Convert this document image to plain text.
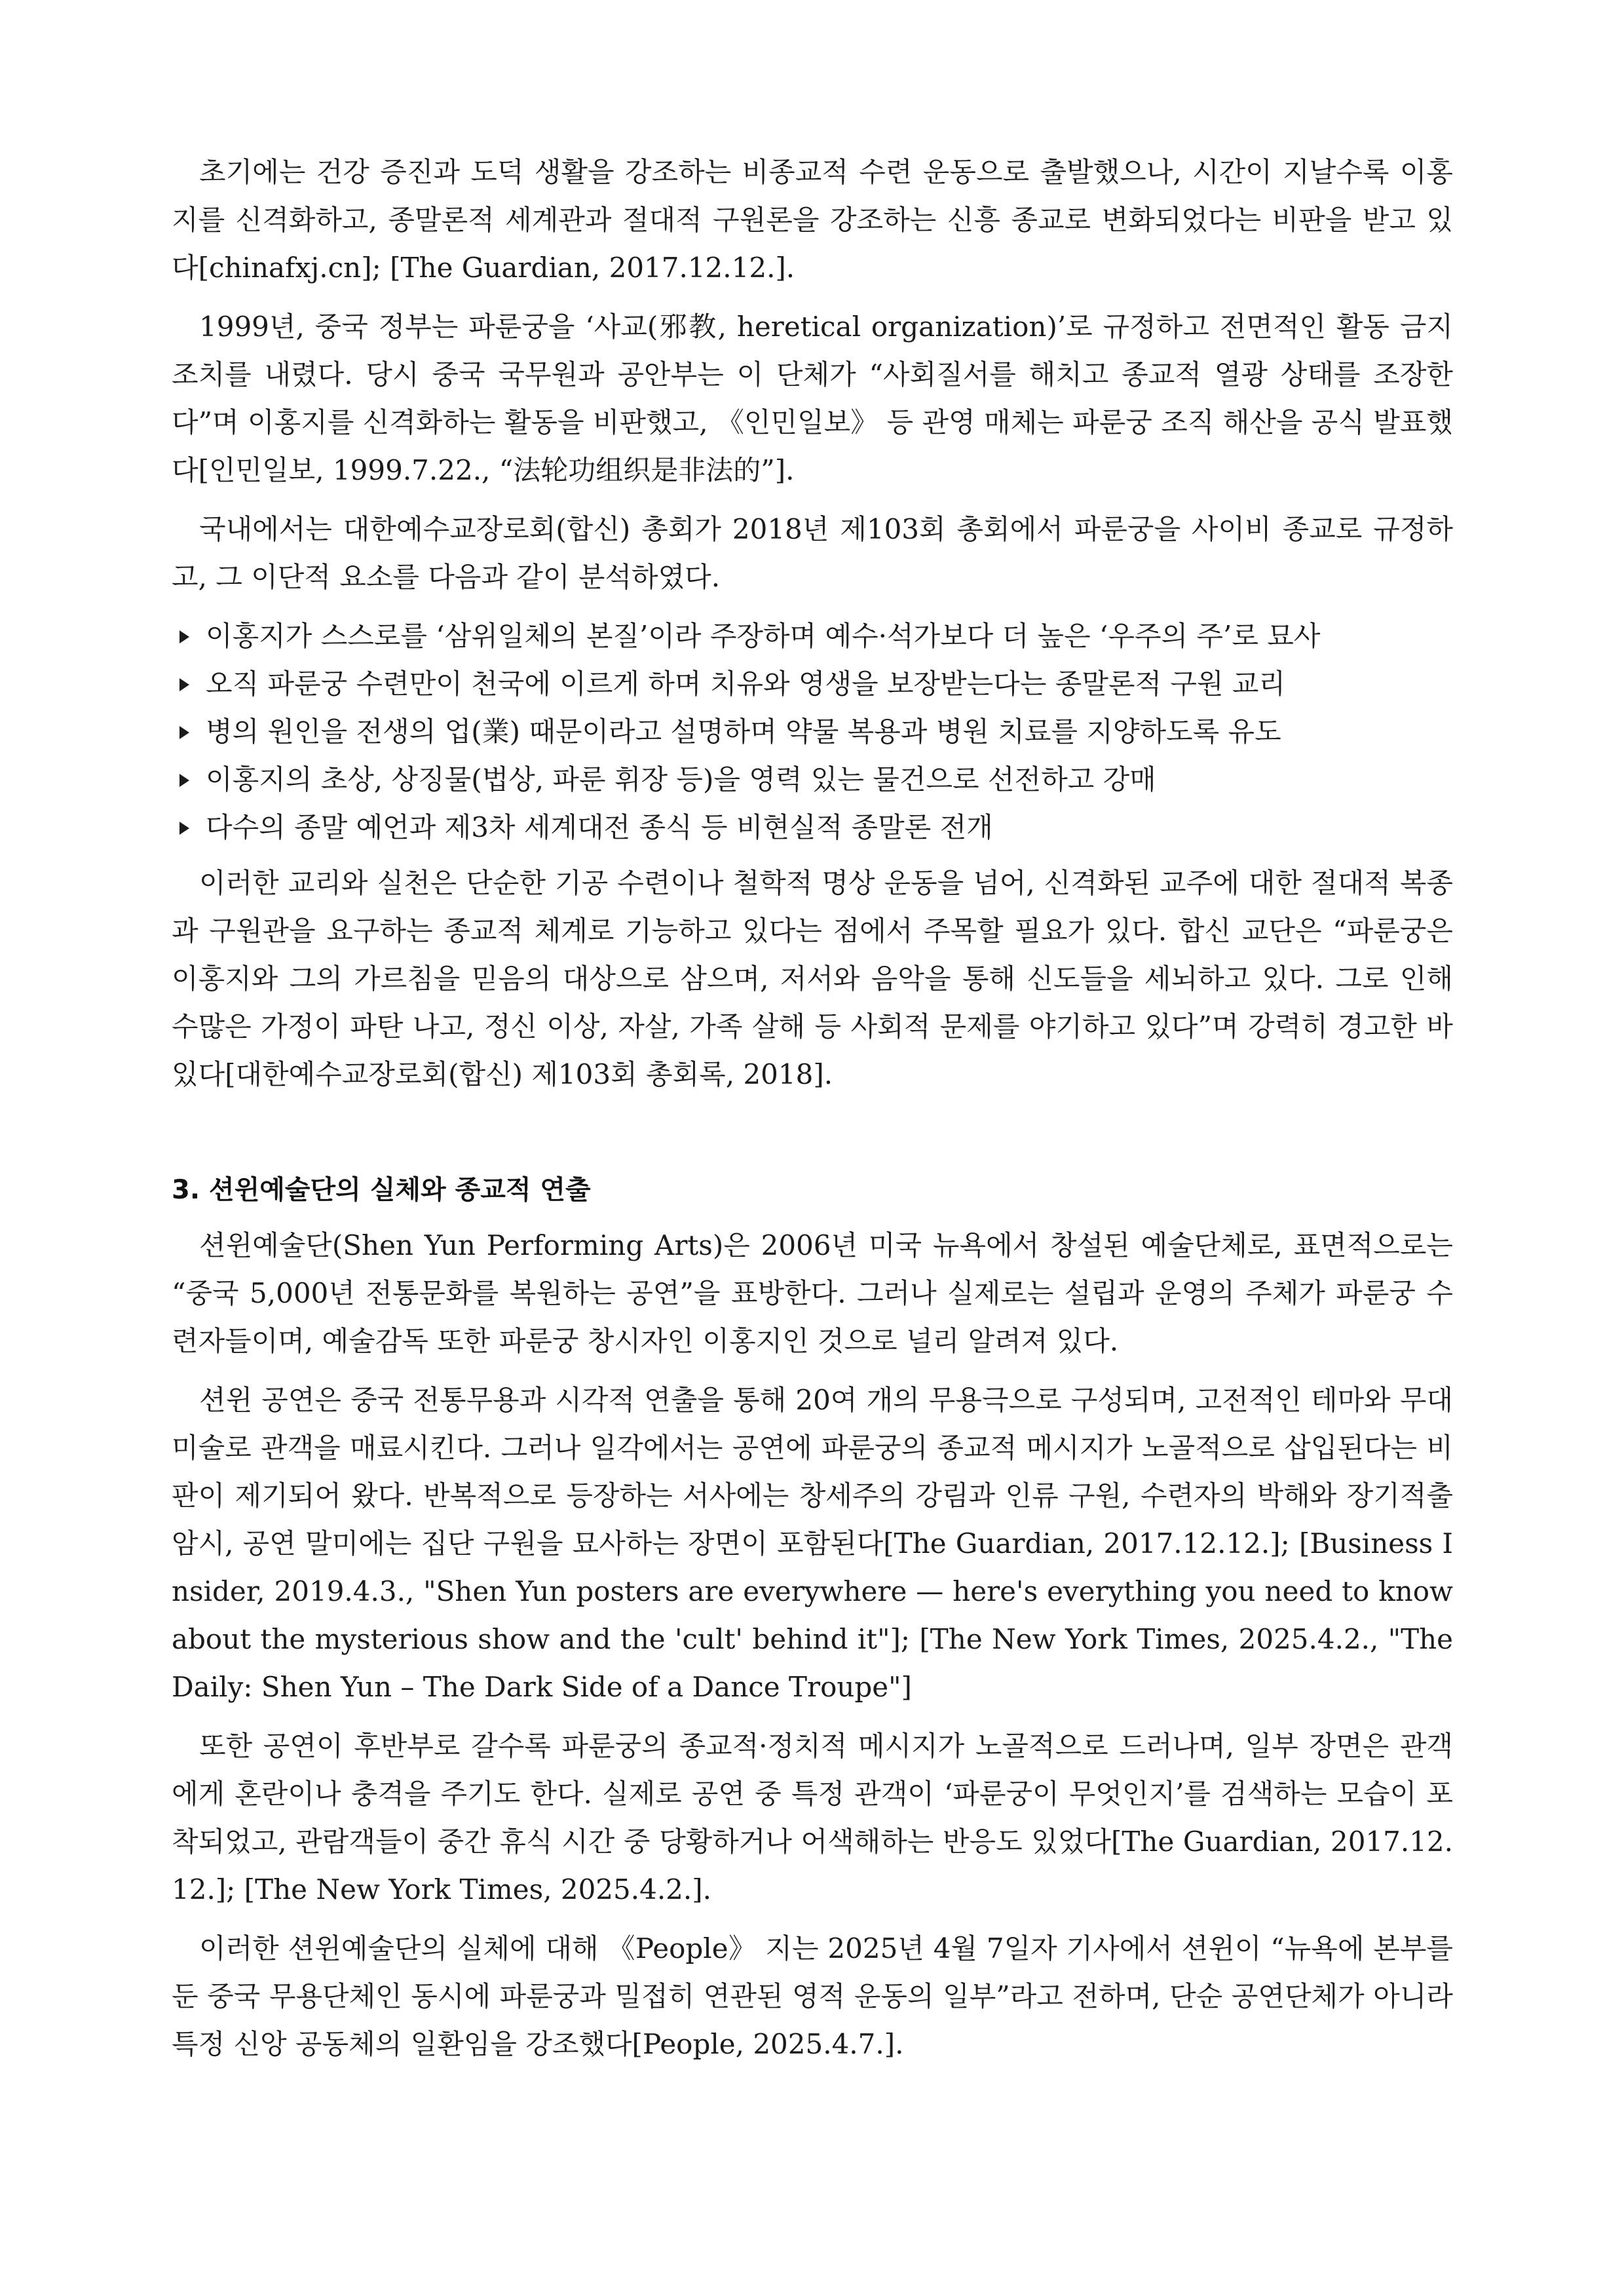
초기에는 건강 증진과 도덕 생활을 강조하는 비종교적 수련 운동으로 출발했으나, 시간이 지날수록 이홍지를 신격화하고, 종말론적 세계관과 절대적 구원론을 강조하는 신흥 종교로 변화되었다는 비판을 받고 있다[chinafxj.cn]; [The Guardian, 2017.12.12.].

1999년, 중국 정부는 파룬궁을 ‘사교(邪教, heretical organization)’로 규정하고 전면적인 활동 금지 조치를 내렸다. 당시 중국 국무원과 공안부는 이 단체가 “사회질서를 해치고 종교적 열광 상태를 조장한다”며 이홍지를 신격화하는 활동을 비판했고, 《인민일보》 등 관영 매체는 파룬궁 조직 해산을 공식 발표했다[인민일보, 1999.7.22., “法轮功组织是非法的”].

국내에서는 대한예수교장로회(합신) 총회가 2018년 제103회 총회에서 파룬궁을 사이비 종교로 규정하고, 그 이단적 요소를 다음과 같이 분석하였다.

이홍지가 스스로를 ‘삼위일체의 본질’이라 주장하며 예수·석가보다 더 높은 ‘우주의 주’로 묘사
오직 파룬궁 수련만이 천국에 이르게 하며 치유와 영생을 보장받는다는 종말론적 구원 교리
병의 원인을 전생의 업(業) 때문이라고 설명하며 약물 복용과 병원 치료를 지양하도록 유도
이홍지의 초상, 상징물(법상, 파룬 휘장 등)을 영력 있는 물건으로 선전하고 강매
다수의 종말 예언과 제3차 세계대전 종식 등 비현실적 종말론 전개

이러한 교리와 실천은 단순한 기공 수련이나 철학적 명상 운동을 넘어, 신격화된 교주에 대한 절대적 복종과 구원관을 요구하는 종교적 체계로 기능하고 있다는 점에서 주목할 필요가 있다. 합신 교단은 “파룬궁은 이홍지와 그의 가르침을 믿음의 대상으로 삼으며, 저서와 음악을 통해 신도들을 세뇌하고 있다. 그로 인해 수많은 가정이 파탄 나고, 정신 이상, 자살, 가족 살해 등 사회적 문제를 야기하고 있다”며 강력히 경고한 바 있다[대한예수교장로회(합신) 제103회 총회록, 2018].

3. 션윈예술단의 실체와 종교적 연출

션윈예술단(Shen Yun Performing Arts)은 2006년 미국 뉴욕에서 창설된 예술단체로, 표면적으로는 “중국 5,000년 전통문화를 복원하는 공연”을 표방한다. 그러나 실제로는 설립과 운영의 주체가 파룬궁 수련자들이며, 예술감독 또한 파룬궁 창시자인 이홍지인 것으로 널리 알려져 있다.

션윈 공연은 중국 전통무용과 시각적 연출을 통해 20여 개의 무용극으로 구성되며, 고전적인 테마와 무대미술로 관객을 매료시킨다. 그러나 일각에서는 공연에 파룬궁의 종교적 메시지가 노골적으로 삽입된다는 비판이 제기되어 왔다. 반복적으로 등장하는 서사에는 창세주의 강림과 인류 구원, 수련자의 박해와 장기적출 암시, 공연 말미에는 집단 구원을 묘사하는 장면이 포함된다[The Guardian, 2017.12.12.]; [Business Insider, 2019.4.3., "Shen Yun posters are everywhere — here's everything you need to know about the mysterious show and the 'cult' behind it"]; [The New York Times, 2025.4.2., "The Daily: Shen Yun – The Dark Side of a Dance Troupe"]

또한 공연이 후반부로 갈수록 파룬궁의 종교적·정치적 메시지가 노골적으로 드러나며, 일부 장면은 관객에게 혼란이나 충격을 주기도 한다. 실제로 공연 중 특정 관객이 ‘파룬궁이 무엇인지’를 검색하는 모습이 포착되었고, 관람객들이 중간 휴식 시간 중 당황하거나 어색해하는 반응도 있었다[The Guardian, 2017.12.12.]; [The New York Times, 2025.4.2.].

이러한 션윈예술단의 실체에 대해 《People》 지는 2025년 4월 7일자 기사에서 션윈이 “뉴욕에 본부를 둔 중국 무용단체인 동시에 파룬궁과 밀접히 연관된 영적 운동의 일부”라고 전하며, 단순 공연단체가 아니라 특정 신앙 공동체의 일환임을 강조했다[People, 2025.4.7.].
